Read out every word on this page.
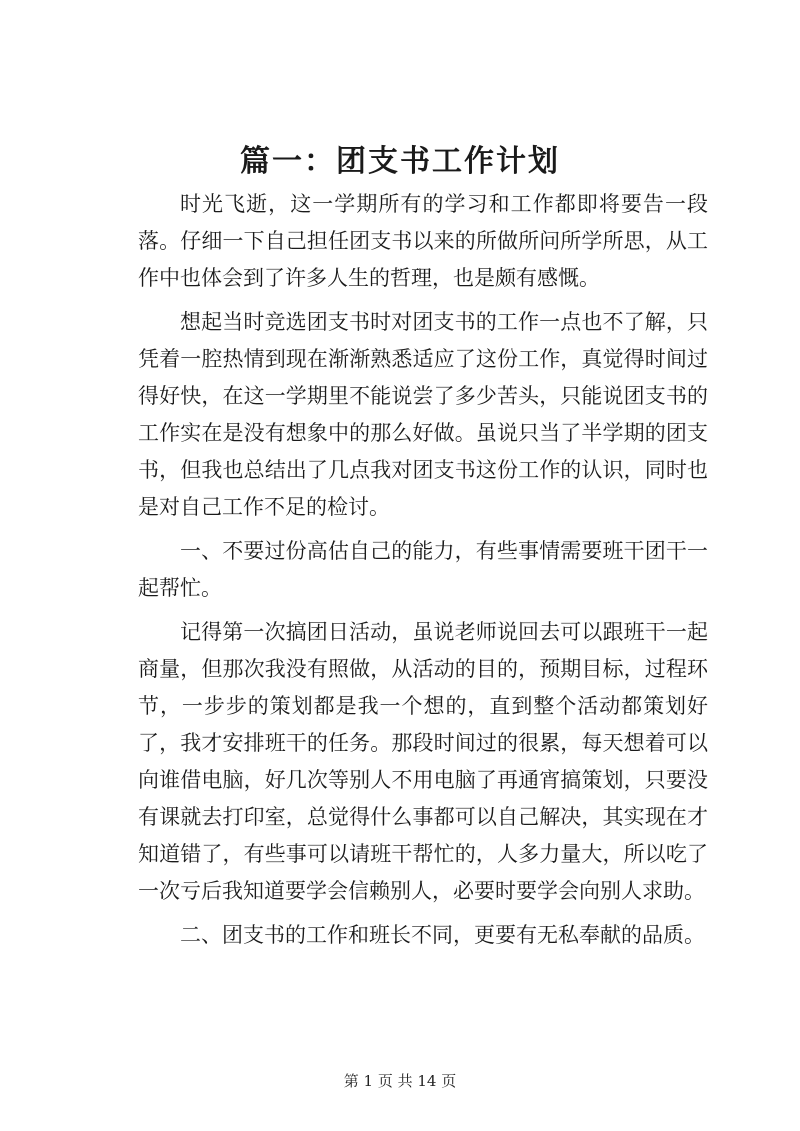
篇一：团支书工作计划

时光飞逝，这一学期所有的学习和工作都即将要告一段落。仔细一下自己担任团支书以来的所做所问所学所思，从工作中也体会到了许多人生的哲理，也是颇有感慨。

想起当时竞选团支书时对团支书的工作一点也不了解，只凭着一腔热情到现在渐渐熟悉适应了这份工作，真觉得时间过得好快，在这一学期里不能说尝了多少苦头，只能说团支书的工作实在是没有想象中的那么好做。虽说只当了半学期的团支书，但我也总结出了几点我对团支书这份工作的认识，同时也是对自己工作不足的检讨。

一、不要过份高估自己的能力，有些事情需要班干团干一起帮忙。

记得第一次搞团日活动，虽说老师说回去可以跟班干一起商量，但那次我没有照做，从活动的目的，预期目标，过程环节，一步步的策划都是我一个想的，直到整个活动都策划好了，我才安排班干的任务。那段时间过的很累，每天想着可以向谁借电脑，好几次等别人不用电脑了再通宵搞策划，只要没有课就去打印室，总觉得什么事都可以自己解决，其实现在才知道错了，有些事可以请班干帮忙的，人多力量大，所以吃了一次亏后我知道要学会信赖别人，必要时要学会向别人求助。

二、团支书的工作和班长不同，更要有无私奉献的品质。

第 1 页 共 14 页
